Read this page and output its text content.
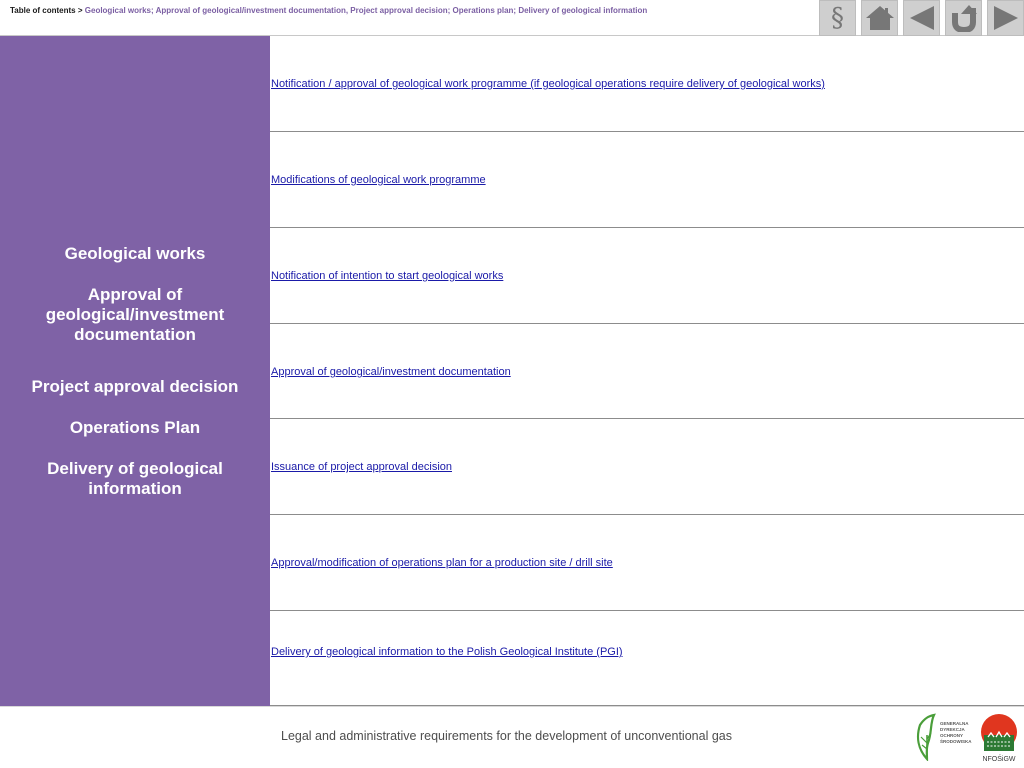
Table of contents > Geological works; Approval of geological/investment documentation, Project approval decision; Operations plan; Delivery of geological information	§
Geological works
Approval of geological/investment documentation
Project approval decision
Operations Plan
Delivery of geological information
Notification / approval of geological work programme (if geological operations require delivery of geological works)
Modifications of geological work programme
Notification of intention to start geological works
Approval of geological/investment documentation
Issuance of project approval decision
Approval/modification of operations plan for a production site / drill site
Delivery of geological information to the Polish Geological Institute (PGI)
Legal and administrative requirements for the development of unconventional gas
GENERALNA
DYREKCJA
OCHRONY
ŚRODOWISKA
NFOŚiGW
